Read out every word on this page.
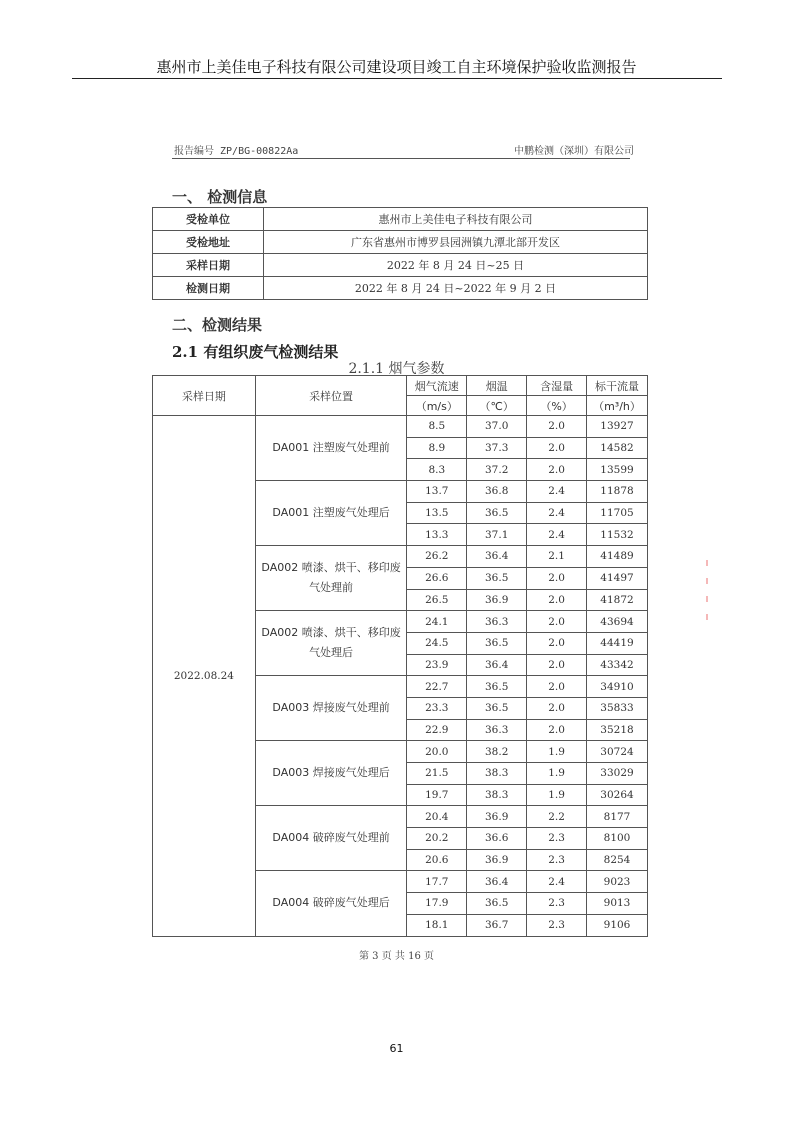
惠州市上美佳电子科技有限公司建设项目竣工自主环境保护验收监测报告
报告编号 ZP/BG-00822Aa	中鹏检测（深圳）有限公司
一、 检测信息
受检单位	惠州市上美佳电子科技有限公司
受检地址	广东省惠州市博罗县园洲镇九潭北部开发区
采样日期	2022 年 8 月 24 日~25 日
检测日期	2022 年 8 月 24 日~2022 年 9 月 2 日
二、检测结果
2.1 有组织废气检测结果
2.1.1 烟气参数
采样日期	采样位置	烟气流速	烟温	含湿量	标干流量
		（m/s）	（℃）	（%）	（m³/h）
2022.08.24	DA001 注塑废气处理前	8.5	37.0	2.0	13927
		8.9	37.3	2.0	14582
		8.3	37.2	2.0	13599

	DA001 注塑废气处理后	13.7	36.8	2.4	11878
		13.5	36.5	2.4	11705
		13.3	37.1	2.4	11532

	DA002 喷漆、烘干、移印废
气处理前	26.2	36.4	2.1	41489
		26.6	36.5	2.0	41497
		26.5	36.9	2.0	41872

	DA002 喷漆、烘干、移印废
气处理后	24.1	36.3	2.0	43694
		24.5	36.5	2.0	44419
		23.9	36.4	2.0	43342

	DA003 焊接废气处理前	22.7	36.5	2.0	34910
		23.3	36.5	2.0	35833
		22.9	36.3	2.0	35218

	DA003 焊接废气处理后	20.0	38.2	1.9	30724
		21.5	38.3	1.9	33029
		19.7	38.3	1.9	30264

	DA004 破碎废气处理前	20.4	36.9	2.2	8177
		20.2	36.6	2.3	8100
		20.6	36.9	2.3	8254

	DA004 破碎废气处理后	17.7	36.4	2.4	9023
		17.9	36.5	2.3	9013
		18.1	36.7	2.3	9106
第 3 页 共 16 页
61
